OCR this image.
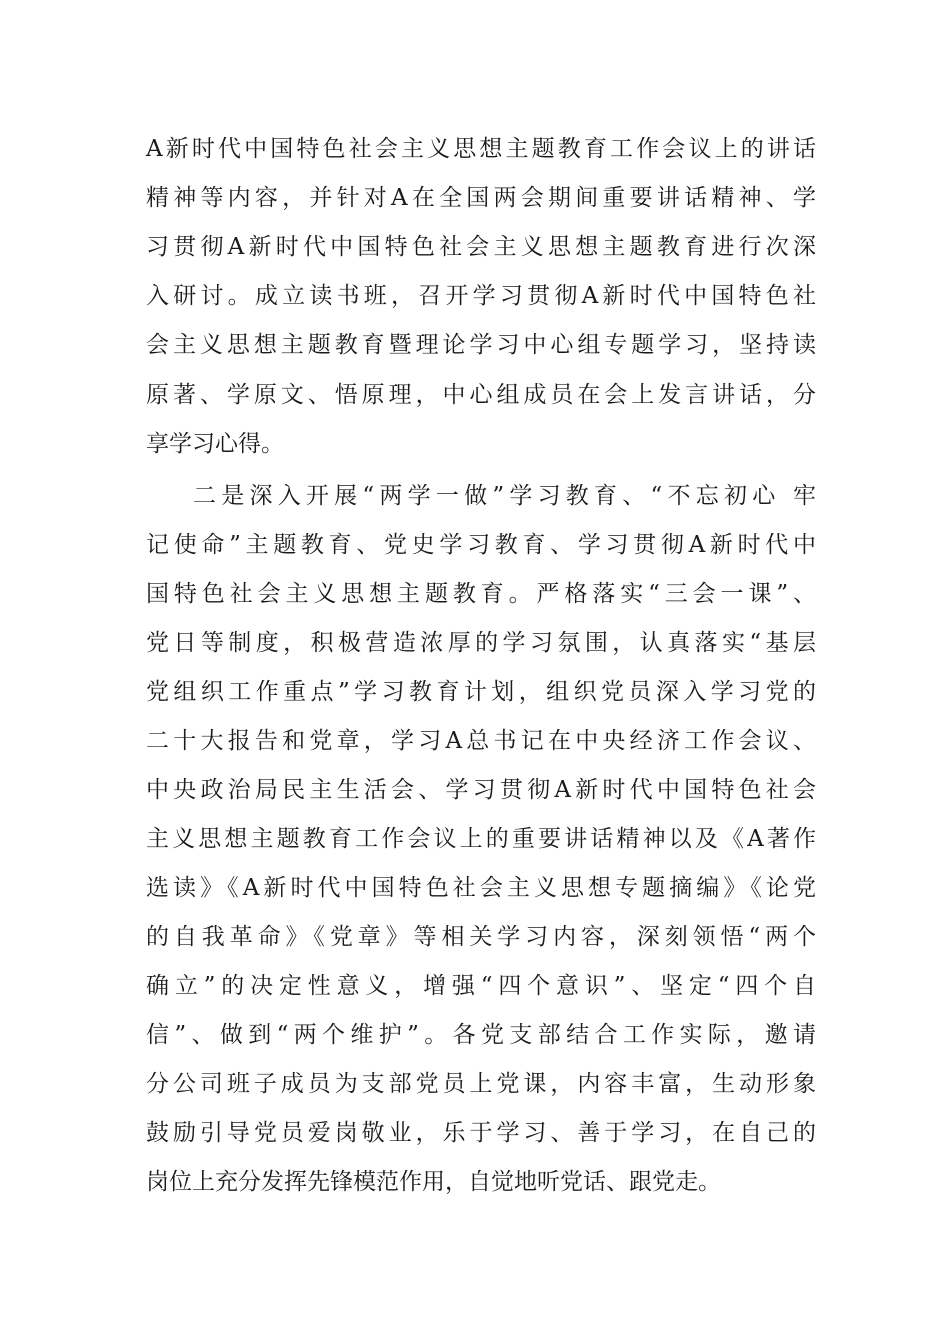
A新时代中国特色社会主义思想主题教育工作会议上的讲话
精神等内容，并针对A在全国两会期间重要讲话精神、学
习贯彻A新时代中国特色社会主义思想主题教育进行次深
入研讨。成立读书班，召开学习贯彻A新时代中国特色社
会主义思想主题教育暨理论学习中心组专题学习，坚持读
原著、学原文、悟原理，中心组成员在会上发言讲话，分
享学习心得。
二是深入开展“两学一做”学习教育、“不忘初心 牢
记使命”主题教育、党史学习教育、学习贯彻A新时代中
国特色社会主义思想主题教育。严格落实“三会一课”、
党日等制度，积极营造浓厚的学习氛围，认真落实“基层
党组织工作重点”学习教育计划，组织党员深入学习党的
二十大报告和党章，学习A总书记在中央经济工作会议、
中央政治局民主生活会、学习贯彻A新时代中国特色社会
主义思想主题教育工作会议上的重要讲话精神以及《A著作
选读》《A新时代中国特色社会主义思想专题摘编》《论党
的自我革命》《党章》等相关学习内容，深刻领悟“两个
确立”的决定性意义，增强“四个意识”、坚定“四个自
信”、做到“两个维护”。各党支部结合工作实际，邀请
分公司班子成员为支部党员上党课，内容丰富，生动形象
鼓励引导党员爱岗敬业，乐于学习、善于学习，在自己的
岗位上充分发挥先锋模范作用，自觉地听党话、跟党走。
